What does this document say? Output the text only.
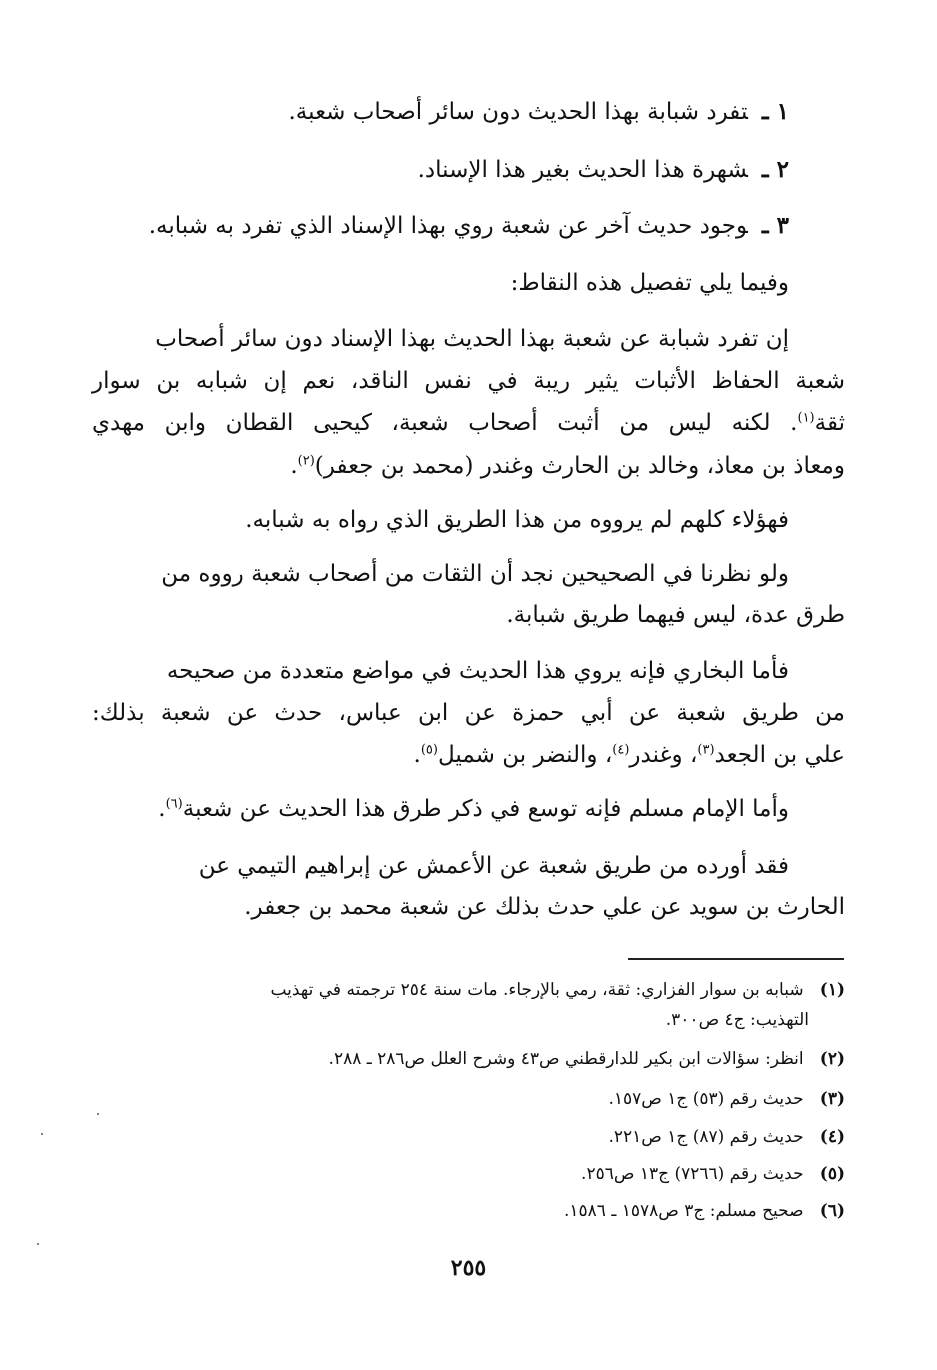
١ ـتفرد شبابة بهذا الحديث دون سائر أصحاب شعبة.
٢ ـشهرة هذا الحديث بغير هذا الإسناد.
٣ ـوجود حديث آخر عن شعبة روي بهذا الإسناد الذي تفرد به شبابه.
وفيما يلي تفصيل هذه النقاط:
إن تفرد شبابة عن شعبة بهذا الحديث بهذا الإسناد دون سائر أصحاب
شعبة الحفاظ الأثبات يثير ريبة في نفس الناقد، نعم إن شبابه بن سوار
ثقة$^{(١)}$. لكنه ليس من أثبت أصحاب شعبة، كيحيى القطان وابن مهدي
ومعاذ بن معاذ، وخالد بن الحارث وغندر (محمد بن جعفر)$^{(٢)}$.
فهؤلاء كلهم لم يرووه من هذا الطريق الذي رواه به شبابه.
ولو نظرنا في الصحيحين نجد أن الثقات من أصحاب شعبة رووه من
طرق عدة، ليس فيهما طريق شبابة.
فأما البخاري فإنه يروي هذا الحديث في مواضع متعددة من صحيحه
من طريق شعبة عن أبي حمزة عن ابن عباس، حدث عن شعبة بذلك:
علي بن الجعد$^{(٣)}$، وغندر$^{(٤)}$، والنضر بن شميل$^{(٥)}$.
وأما الإمام مسلم فإنه توسع في ذكر طرق هذا الحديث عن شعبة$^{(٦)}$.
فقد أورده من طريق شعبة عن الأعمش عن إبراهيم التيمي عن
الحارث بن سويد عن علي حدث بذلك عن شعبة محمد بن جعفر.
(١) شبابه بن سوار الفزاري: ثقة، رمي بالإرجاء. مات سنة ٢٥٤ ترجمته في تهذيب
التهذيب: ج٤ ص٣٠٠.
(٢) انظر: سؤالات ابن بكير للدارقطني ص٤٣ وشرح العلل ص٢٨٦ ـ ٢٨٨.
(٣) حديث رقم (٥٣) ج١ ص١٥٧.
(٤) حديث رقم (٨٧) ج١ ص٢٢١.
(٥) حديث رقم (٧٢٦٦) ج١٣ ص٢٥٦.
(٦) صحيح مسلم: ج٣ ص١٥٧٨ ـ ١٥٨٦.
٢٥٥
